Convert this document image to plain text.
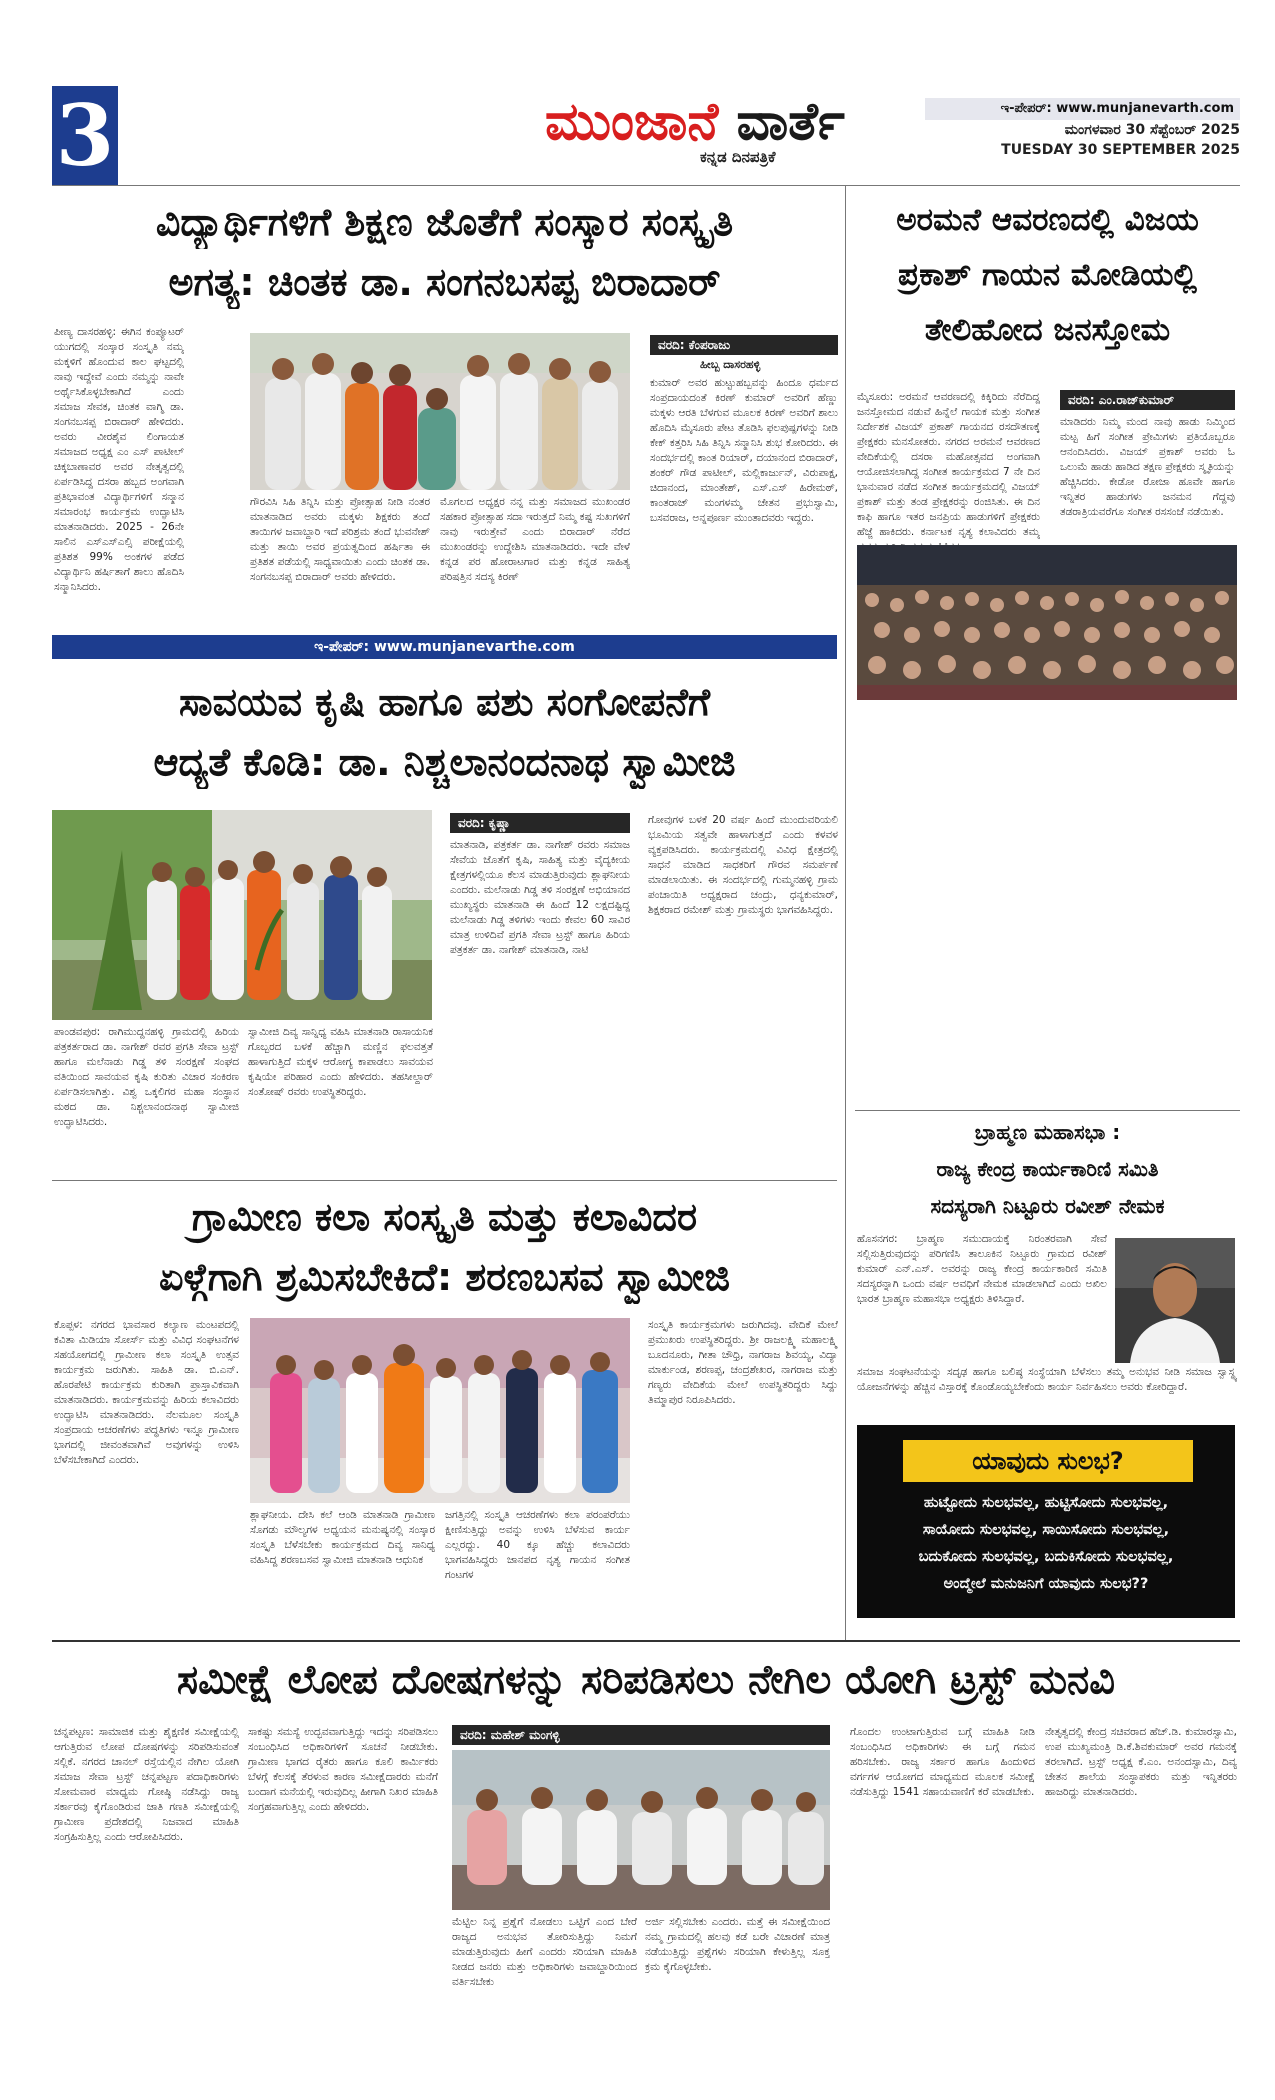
3	ಮುಂಜಾನೆ ವಾರ್ತೆ
ಕನ್ನಡ ದಿನಪತ್ರಿಕೆ
ಇ-ಪೇಪರ್: www.munjanevarth.com
ಮಂಗಳವಾರ 30 ಸೆಪ್ಟೆಂಬರ್ 2025
TUESDAY 30 SEPTEMBER 2025
ವಿದ್ಯಾರ್ಥಿಗಳಿಗೆ ಶಿಕ್ಷಣ ಜೊತೆಗೆ ಸಂಸ್ಕಾರ ಸಂಸ್ಕೃತಿ
ಅಗತ್ಯ: ಚಿಂತಕ ಡಾ. ಸಂಗನಬಸಪ್ಪ ಬಿರಾದಾರ್
ಪೀಣ್ಯ ದಾಸರಹಳ್ಳಿ: ಈಗಿನ ಕಂಪ್ಯೂಟರ್ ಯುಗದಲ್ಲಿ ಸಂಸ್ಕಾರ ಸಂಸ್ಕೃತಿ ನಮ್ಮ ಮಕ್ಕಳಿಗೆ ಹೊಂದುವ ಕಾಲ ಘಟ್ಟದಲ್ಲಿ ನಾವು ಇದ್ದೇವೆ ಎಂದು ನಮ್ಮನ್ನು ನಾವೇ ಅರ್ಥೈಸಿಕೊಳ್ಳಬೇಕಾಗಿದೆ ಎಂದು ಸಮಾಜ ಸೇವಕ, ಚಿಂತಕ ವಾಗ್ಮಿ ಡಾ. ಸಂಗನಬಸಪ್ಪ ಬಿರಾದಾರ್ ಹೇಳಿದರು. ಅವರು ವೀರಶೈವ ಲಿಂಗಾಯತ ಸಮಾಜದ ಅಧ್ಯಕ್ಷ ಎಂ ಎಸ್ ಪಾಟೀಲ್ ಚಿಕ್ಕಬಾಣಾವರ ಅವರ ನೇತೃತ್ವದಲ್ಲಿ ಏರ್ಪಡಿಸಿದ್ದ ದಸರಾ ಹಬ್ಬದ ಅಂಗವಾಗಿ ಪ್ರತಿಭಾವಂತ ವಿದ್ಯಾರ್ಥಿಗಳಿಗೆ ಸನ್ಮಾನ ಸಮಾರಂಭ ಕಾರ್ಯಕ್ರಮ ಉದ್ಘಾಟಿಸಿ ಮಾತನಾಡಿದರು. 2025 - 26ನೇ ಸಾಲಿನ ಎಸ್ಎಸ್ಎಲ್ಸಿ ಪರೀಕ್ಷೆಯಲ್ಲಿ ಪ್ರತಿಶತ 99% ಅಂಕಗಳ ಪಡೆದ ವಿದ್ಯಾರ್ಥಿನಿ ಹರ್ಷಿತಾಗೆ ಶಾಲು ಹೊದಿಸಿ ಸನ್ಮಾನಿಸಿದರು.
ಗೌರವಿಸಿ ಸಿಹಿ ತಿನ್ನಿಸಿ ಮತ್ತು ಪ್ರೋತ್ಸಾಹ ನೀಡಿ ನಂತರ ಮಾತನಾಡಿದ ಅವರು ಮಕ್ಕಳು ಶಿಕ್ಷಕರು ತಂದೆ ತಾಯಿಗಳ ಜವಾಬ್ದಾರಿ ಇದೆ ಪರಿಶ್ರಮ ತಂದೆ ಭುವನೇಶ್ ಮತ್ತು ತಾಯಿ ಅವರ ಪ್ರಯತ್ನದಿಂದ ಹರ್ಷಿತಾ ಈ ಪ್ರತಿಶತ ಪಡೆಯಲ್ಲಿ ಸಾಧ್ಯವಾಯಿತು ಎಂದು ಚಿಂತಕ ಡಾ. ಸಂಗನಬಸಪ್ಪ ಬಿರಾದಾರ್ ಅವರು ಹೇಳಿದರು.
ಮೊಗಲದ ಅಧ್ಯಕ್ಷರ ನನ್ನ ಮತ್ತು ಸಮಾಜದ ಮುಖಂಡರ ಸಹಕಾರ ಪ್ರೋತ್ಸಾಹ ಸದಾ ಇರುತ್ತದೆ ನಿಮ್ಮ ಕಷ್ಟ ಸುಖಗಳಿಗೆ ನಾವು ಇರುತ್ತೇವೆ ಎಂದು ಬಿರಾದಾರ್ ನೆರೆದ ಮುಖಂಡರನ್ನು ಉದ್ದೇಶಿಸಿ ಮಾತನಾಡಿದರು. ಇದೇ ವೇಳೆ ಕನ್ನಡ ಪರ ಹೋರಾಟಗಾರ ಮತ್ತು ಕನ್ನಡ ಸಾಹಿತ್ಯ ಪರಿಷತ್ತಿನ ಸದಸ್ಯ ಕಿರಣ್
ವರದಿ: ಕೆಂಪರಾಜು
ಹೀಬ್ಬ ದಾಸರಹಳ್ಳಿ
ಕುಮಾರ್ ಅವರ ಹುಟ್ಟುಹಬ್ಬವನ್ನು ಹಿಂದೂ ಧರ್ಮದ ಸಂಪ್ರದಾಯದಂತೆ ಕಿರಣ್ ಕುಮಾರ್ ಅವರಿಗೆ ಹೆಣ್ಣು ಮಕ್ಕಳು ಆರತಿ ಬೆಳಗುವ ಮೂಲಕ ಕಿರಣ್ ಅವರಿಗೆ ಶಾಲು ಹೊದಿಸಿ ಮೈಸೂರು ಪೇಟ ತೊಡಿಸಿ ಫಲಪುಷ್ಪಗಳನ್ನು ನೀಡಿ ಕೇಕ್ ಕತ್ತರಿಸಿ ಸಿಹಿ ತಿನ್ನಿಸಿ ಸನ್ಮಾನಿಸಿ ಶುಭ ಕೋರಿದರು. ಈ ಸಂದರ್ಭದಲ್ಲಿ ಕಾಂತ ರಿಯಾರ್, ದಯಾನಂದ ಬಿರಾದಾರ್, ಶಂಕರ್ ಗೌಡ ಪಾಟೀಲ್, ಮಲ್ಲಿಕಾರ್ಜುನ್, ವಿರುಪಾಕ್ಷ, ಚಿದಾನಂದ, ಮಾಂತೇಶ್, ಎಸ್.ಎಸ್ ಹಿರೇಮಠ್, ಕಾಂತರಾಜ್ ಮಂಗಳಮ್ಮ ಚೇತನ ಪ್ರಭುಸ್ವಾಮಿ, ಬಸವರಾಜ, ಅನ್ನಪೂರ್ಣ ಮುಂತಾದವರು ಇದ್ದರು.
ಇ-ಪೇಪರ್: www.munjanevarthe.com
ಸಾವಯವ ಕೃಷಿ ಹಾಗೂ ಪಶು ಸಂಗೋಪನೆಗೆ
ಆದ್ಯತೆ ಕೊಡಿ: ಡಾ. ನಿಶ್ಚಲಾನಂದನಾಥ ಸ್ವಾಮೀಜಿ
ಪಾಂಡವಪುರ: ರಾಗಿಮುದ್ದನಹಳ್ಳಿ ಗ್ರಾಮದಲ್ಲಿ ಹಿರಿಯ ಪತ್ರಕರ್ತರಾದ ಡಾ. ನಾಗೇಶ್ ರವರ ಪ್ರಗತಿ ಸೇವಾ ಟ್ರಸ್ಟ್ ಹಾಗೂ ಮಲೆನಾಡು ಗಿಡ್ಡ ತಳಿ ಸಂರಕ್ಷಣೆ ಸಂಘದ ವತಿಯಿಂದ ಸಾವಯವ ಕೃಷಿ ಕುರಿತು ವಿಚಾರ ಸಂಕಿರಣ ಏರ್ಪಡಿಸಲಾಗಿತ್ತು. ವಿಶ್ವ ಒಕ್ಕಲಿಗರ ಮಹಾ ಸಂಸ್ಥಾನ ಮಠದ ಡಾ. ನಿಶ್ಚಲಾನಂದನಾಥ ಸ್ವಾಮೀಜಿ ಉದ್ಘಾಟಿಸಿದರು.
ಸ್ವಾಮೀಜಿ ದಿವ್ಯ ಸಾನ್ನಿಧ್ಯ ವಹಿಸಿ ಮಾತನಾಡಿ ರಾಸಾಯನಿಕ ಗೊಬ್ಬರದ ಬಳಕೆ ಹೆಚ್ಚಾಗಿ ಮಣ್ಣಿನ ಫಲವತ್ತತೆ ಹಾಳಾಗುತ್ತಿದೆ ಮಕ್ಕಳ ಆರೋಗ್ಯ ಕಾಪಾಡಲು ಸಾವಯವ ಕೃಷಿಯೇ ಪರಿಹಾರ ಎಂದು ಹೇಳಿದರು. ತಹಸೀಲ್ದಾರ್ ಸಂತೋಷ್ ರವರು ಉಪಸ್ಥಿತರಿದ್ದರು.
ವರದಿ: ಕೃಷ್ಣಾ
ಮಾತನಾಡಿ, ಪತ್ರಕರ್ತ ಡಾ. ನಾಗೇಶ್ ರವರು ಸಮಾಜ ಸೇವೆಯ ಜೊತೆಗೆ ಕೃಷಿ, ಸಾಹಿತ್ಯ ಮತ್ತು ವೈದ್ಯಕೀಯ ಕ್ಷೇತ್ರಗಳಲ್ಲಿಯೂ ಕೆಲಸ ಮಾಡುತ್ತಿರುವುದು ಶ್ಲಾಘನೀಯ ಎಂದರು. ಮಲೆನಾಡು ಗಿಡ್ಡ ತಳಿ ಸಂರಕ್ಷಣೆ ಅಭಿಯಾನದ ಮುಖ್ಯಸ್ಥರು ಮಾತನಾಡಿ ಈ ಹಿಂದೆ 12 ಲಕ್ಷದಷ್ಟಿದ್ದ ಮಲೆನಾಡು ಗಿಡ್ಡ ತಳಿಗಳು ಇಂದು ಕೇವಲ 60 ಸಾವಿರ ಮಾತ್ರ ಉಳಿದಿವೆ ಪ್ರಗತಿ ಸೇವಾ ಟ್ರಸ್ಟ್ ಹಾಗೂ ಹಿರಿಯ ಪತ್ರಕರ್ತ ಡಾ. ನಾಗೇಶ್ ಮಾತನಾಡಿ, ನಾಟಿ
ಗೋವುಗಳ ಬಳಕೆ 20 ವರ್ಷ ಹಿಂದೆ ಮುಂದುವರಿಯಲಿ ಭೂಮಿಯ ಸತ್ವವೇ ಹಾಳಾಗುತ್ತದೆ ಎಂದು ಕಳವಳ ವ್ಯಕ್ತಪಡಿಸಿದರು. ಕಾರ್ಯಕ್ರಮದಲ್ಲಿ ವಿವಿಧ ಕ್ಷೇತ್ರದಲ್ಲಿ ಸಾಧನೆ ಮಾಡಿದ ಸಾಧಕರಿಗೆ ಗೌರವ ಸಮರ್ಪಣೆ ಮಾಡಲಾಯಿತು. ಈ ಸಂದರ್ಭದಲ್ಲಿ ಗುಮ್ಮನಹಳ್ಳಿ ಗ್ರಾಮ ಪಂಚಾಯಿತಿ ಅಧ್ಯಕ್ಷರಾದ ಚಂದ್ರು, ಧನ್ಯಕುಮಾರ್, ಶಿಕ್ಷಕರಾದ ರಮೇಶ್ ಮತ್ತು ಗ್ರಾಮಸ್ಥರು ಭಾಗವಹಿಸಿದ್ದರು.
ಗ್ರಾಮೀಣ ಕಲಾ ಸಂಸ್ಕೃತಿ ಮತ್ತು ಕಲಾವಿದರ
ಏಳ್ಗೆಗಾಗಿ ಶ್ರಮಿಸಬೇಕಿದೆ: ಶರಣಬಸವ ಸ್ವಾಮೀಜಿ
ಕೊಪ್ಪಳ: ನಗರದ ಭಾವಸಾರ ಕಲ್ಯಾಣ ಮಂಟಪದಲ್ಲಿ ಕವಿತಾ ಮಿಡಿಯಾ ಸೋರ್ಸ್ ಮತ್ತು ವಿವಿಧ ಸಂಘಟನೆಗಳ ಸಹಯೋಗದಲ್ಲಿ ಗ್ರಾಮೀಣ ಕಲಾ ಸಂಸ್ಕೃತಿ ಉತ್ಸವ ಕಾರ್ಯಕ್ರಮ ಜರುಗಿತು. ಸಾಹಿತಿ ಡಾ. ಬಿ.ಎನ್. ಹೊರಪೇಟಿ ಕಾರ್ಯಕ್ರಮ ಕುರಿತಾಗಿ ಪ್ರಾಸ್ತಾವಿಕವಾಗಿ ಮಾತನಾಡಿದರು. ಕಾರ್ಯಕ್ರಮವನ್ನು ಹಿರಿಯ ಕಲಾವಿದರು ಉದ್ಘಾಟಿಸಿ ಮಾತನಾಡಿದರು. ನೆಲಮೂಲ ಸಂಸ್ಕೃತಿ ಸಂಪ್ರದಾಯ ಆಚರಣೆಗಳು ಪದ್ಧತಿಗಳು ಇನ್ನೂ ಗ್ರಾಮೀಣ ಭಾಗದಲ್ಲಿ ಜೀವಂತವಾಗಿವೆ ಅವುಗಳನ್ನು ಉಳಿಸಿ ಬೆಳೆಸಬೇಕಾಗಿದೆ ಎಂದರು.
ಶ್ಲಾಘನೀಯ. ದೇಸಿ ಕಲೆ ಆಂಡಿ ಮಾತನಾಡಿ ಗ್ರಾಮೀಣ ಸೊಗಡು ಮೌಲ್ಯಗಳ ಅಧ್ಯಯನ ಮನುಷ್ಯನಲ್ಲಿ ಸಂಸ್ಕಾರ ಸಂಸ್ಕೃತಿ ಬೆಳೆಸಬೇಕು ಕಾರ್ಯಕ್ರಮದ ದಿವ್ಯ ಸಾನಿಧ್ಯ ವಹಿಸಿದ್ದ ಶರಣಬಸವ ಸ್ವಾಮೀಜಿ ಮಾತನಾಡಿ ಆಧುನಿಕ
ಜಗತ್ತಿನಲ್ಲಿ ಸಂಸ್ಕೃತಿ ಆಚರಣೆಗಳು ಕಲಾ ಪರಂಪರೆಯು ಕ್ಷೀಣಿಸುತ್ತಿದ್ದು ಅವನ್ನು ಉಳಿಸಿ ಬೆಳೆಸುವ ಕಾರ್ಯ ಎಲ್ಲರದ್ದು. 40 ಕ್ಕೂ ಹೆಚ್ಚು ಕಲಾವಿದರು ಭಾಗವಹಿಸಿದ್ದರು ಜಾನಪದ ನೃತ್ಯ ಗಾಯನ ಸಂಗೀತ ಗಂಟಗಳ
ಸಂಸ್ಕೃತಿ ಕಾರ್ಯಕ್ರಮಗಳು ಜರುಗಿದವು. ವೇದಿಕೆ ಮೇಲೆ ಪ್ರಮುಖರು ಉಪಸ್ಥಿತರಿದ್ದರು. ಶ್ರೀ ರಾಜಲಕ್ಷ್ಮಿ ಮಹಾಲಕ್ಷ್ಮಿ ಬೂದನೂರು, ಗೀತಾ ಚೌಧ್ರಿ, ನಾಗರಾಜ ಶಿವಯ್ಯ, ವಿದ್ಯಾ ಮಾರ್ಕುಂಡ, ಶರಣಪ್ಪ, ಚಂದ್ರಶೇಖರ, ನಾಗರಾಜ ಮತ್ತು ಗಣ್ಯರು ವೇದಿಕೆಯ ಮೇಲೆ ಉಪಸ್ಥಿತರಿದ್ದರು ಸಿದ್ದು ತಿಮ್ಮಾಪುರ ನಿರೂಪಿಸಿದರು.
ಅರಮನೆ ಆವರಣದಲ್ಲಿ ವಿಜಯ
ಪ್ರಕಾಶ್ ಗಾಯನ ಮೋಡಿಯಲ್ಲಿ
ತೇಲಿಹೋದ ಜನಸ್ತೋಮ
ಮೈಸೂರು: ಅರಮನೆ ಆವರಣದಲ್ಲಿ ಕಿಕ್ಕಿರಿದು ನೆರೆದಿದ್ದ ಜನಸ್ತೋಮದ ನಡುವೆ ಹಿನ್ನೆಲೆ ಗಾಯಕ ಮತ್ತು ಸಂಗೀತ ನಿರ್ದೇಶಕ ವಿಜಯ್ ಪ್ರಕಾಶ್ ಗಾಯನದ ರಸದೌತಣಕ್ಕೆ ಪ್ರೇಕ್ಷಕರು ಮನಸೋತರು. ನಗರದ ಅರಮನೆ ಆವರಣದ ವೇದಿಕೆಯಲ್ಲಿ ದಸರಾ ಮಹೋತ್ಸವದ ಅಂಗವಾಗಿ ಆಯೋಜಿಸಲಾಗಿದ್ದ ಸಂಗೀತ ಕಾರ್ಯಕ್ರಮದ 7 ನೇ ದಿನ ಭಾನುವಾರ ನಡೆದ ಸಂಗೀತ ಕಾರ್ಯಕ್ರಮದಲ್ಲಿ ವಿಜಯ್ ಪ್ರಕಾಶ್ ಮತ್ತು ತಂಡ ಪ್ರೇಕ್ಷಕರನ್ನು ರಂಜಿಸಿತು. ಈ ದಿನ ಕಾಫಿ ಹಾಗೂ ಇತರ ಜನಪ್ರಿಯ ಹಾಡುಗಳಿಗೆ ಪ್ರೇಕ್ಷಕರು ಹೆಜ್ಜೆ ಹಾಕಿದರು. ಕರ್ನಾಟಕ ನೃತ್ಯ ಕಲಾವಿದರು ತಮ್ಮ
ವರದಿ: ಎಂ.ರಾಜ್‌ಕುಮಾರ್
ಮಾಡಿದರು ನಿಮ್ಮ ಮಂದ ನಾವು ಹಾಡು ನಿಮ್ಮಿಂದ ಮಟ್ಟ ಹಿಗೆ ಸಂಗೀತ ಪ್ರೇಮಿಗಳು ಪ್ರತಿಯೊಬ್ಬರೂ ಆನಂದಿಸಿದರು. ವಿಜಯ್ ಪ್ರಕಾಶ್ ಅವರು ಓ ಒಲುಮೆ ಹಾಡು ಹಾಡಿದ ತಕ್ಷಣ ಪ್ರೇಕ್ಷಕರು ಸ್ಮೃತಿಯನ್ನು ಹೆಚ್ಚಿಸಿದರು. ಕೇಡೋ ರೋಜಾ ಹೂವೇ ಹಾಗೂ ಇನ್ನಿತರ ಹಾಡುಗಳು ಜನಮನ ಗೆದ್ದವು ತಡರಾತ್ರಿಯವರೆಗೂ ಸಂಗೀತ ರಸಸಂಜೆ ನಡೆಯಿತು.
ಬ್ರಾಹ್ಮಣ ಮಹಾಸಭಾ :
ರಾಜ್ಯ ಕೇಂದ್ರ ಕಾರ್ಯಕಾರಿಣಿ ಸಮಿತಿ
ಸದಸ್ಯರಾಗಿ ನಿಟ್ಟೂರು ರವೀಶ್ ನೇಮಕ
ಹೊಸನಗರ: ಬ್ರಾಹ್ಮಣ ಸಮುದಾಯಕ್ಕೆ ನಿರಂತರವಾಗಿ ಸೇವೆ ಸಲ್ಲಿಸುತ್ತಿರುವುದನ್ನು ಪರಿಗಣಿಸಿ ತಾಲೂಕಿನ ನಿಟ್ಟೂರು ಗ್ರಾಮದ ರವೀಶ್ ಕುಮಾರ್ ಎನ್.ಎಸ್. ಅವರನ್ನು ರಾಜ್ಯ ಕೇಂದ್ರ ಕಾರ್ಯಕಾರಿಣಿ ಸಮಿತಿ ಸದಸ್ಯರನ್ನಾಗಿ ಒಂದು ವರ್ಷ ಅವಧಿಗೆ ನೇಮಕ ಮಾಡಲಾಗಿದೆ ಎಂದು ಅಖಿಲ ಭಾರತ ಬ್ರಾಹ್ಮಣ ಮಹಾಸಭಾ ಅಧ್ಯಕ್ಷರು ತಿಳಿಸಿದ್ದಾರೆ.
ಸಮಾಜ ಸಂಘಟನೆಯನ್ನು ಸದೃಢ ಹಾಗೂ ಬಲಿಷ್ಠ ಸಂಸ್ಥೆಯಾಗಿ ಬೆಳೆಸಲು ತಮ್ಮ ಅನುಭವ ನೀಡಿ ಸಮಾಜ ಸ್ವಾಸ್ಥ್ಯ ಯೋಜನೆಗಳನ್ನು ಹೆಚ್ಚಿನ ವಿಸ್ತಾರಕ್ಕೆ ಕೊಂಡೊಯ್ಯಬೇಕೆಂದು ಕಾರ್ಯ ನಿರ್ವಹಿಸಲು ಅವರು ಕೋರಿದ್ದಾರೆ.
ಯಾವುದು ಸುಲಭ?
ಹುಟ್ಟೋದು ಸುಲಭವಲ್ಲ, ಹುಟ್ಟಿಸೋದು ಸುಲಭವಲ್ಲ,
ಸಾಯೋದು ಸುಲಭವಲ್ಲ, ಸಾಯಿಸೋದು ಸುಲಭವಲ್ಲ,
ಬದುಕೋದು ಸುಲಭವಲ್ಲ, ಬದುಕಿಸೋದು ಸುಲಭವಲ್ಲ,
ಅಂದ್ಮೇಲೆ ಮನುಜನಿಗೆ ಯಾವುದು ಸುಲಭ??
ಸಮೀಕ್ಷೆ ಲೋಪ ದೋಷಗಳನ್ನು ಸರಿಪಡಿಸಲು ನೇಗಿಲ ಯೋಗಿ ಟ್ರಸ್ಟ್ ಮನವಿ
ಚನ್ನಪಟ್ಟಣ: ಸಾಮಾಜಿಕ ಮತ್ತು ಶೈಕ್ಷಣಿಕ ಸಮೀಕ್ಷೆಯಲ್ಲಿ ಆಗುತ್ತಿರುವ ಲೋಪ ದೋಷಗಳನ್ನು ಸರಿಪಡಿಸುವಂತೆ ಸಲ್ಲಿಕೆ. ನಗರದ ಚಾನಲ್ ರಸ್ತೆಯಲ್ಲಿನ ನೇಗಿಲ ಯೋಗಿ ಸಮಾಜ ಸೇವಾ ಟ್ರಸ್ಟ್ ಚನ್ನಪಟ್ಟಣ ಪದಾಧಿಕಾರಿಗಳು ಸೋಮವಾರ ಮಾಧ್ಯಮ ಗೋಷ್ಠಿ ನಡೆಸಿದ್ದು ರಾಜ್ಯ ಸರ್ಕಾರವು ಕೈಗೊಂಡಿರುವ ಜಾತಿ ಗಣತಿ ಸಮೀಕ್ಷೆಯಲ್ಲಿ ಗ್ರಾಮೀಣ ಪ್ರದೇಶದಲ್ಲಿ ನಿಜವಾದ ಮಾಹಿತಿ ಸಂಗ್ರಹಿಸುತ್ತಿಲ್ಲ ಎಂದು ಆರೋಪಿಸಿದರು.
ಸಾಕಷ್ಟು ಸಮಸ್ಯೆ ಉದ್ಭವವಾಗುತ್ತಿದ್ದು ಇದನ್ನು ಸರಿಪಡಿಸಲು ಸಂಬಂಧಿಸಿದ ಅಧಿಕಾರಿಗಳಿಗೆ ಸೂಚನೆ ನೀಡಬೇಕು. ಗ್ರಾಮೀಣ ಭಾಗದ ರೈತರು ಹಾಗೂ ಕೂಲಿ ಕಾರ್ಮಿಕರು ಬೆಳಗ್ಗೆ ಕೆಲಸಕ್ಕೆ ತೆರಳುವ ಕಾರಣ ಸಮೀಕ್ಷೆದಾರರು ಮನೆಗೆ ಬಂದಾಗ ಮನೆಯಲ್ಲಿ ಇರುವುದಿಲ್ಲ ಹೀಗಾಗಿ ನಿಖರ ಮಾಹಿತಿ ಸಂಗ್ರಹವಾಗುತ್ತಿಲ್ಲ ಎಂದು ಹೇಳಿದರು.
ವರದಿ: ಮಹೇಶ್ ಮಂಗಳ್ಳಿ
ಮೆಟ್ಟಿಲ ನಿನ್ನ ಪ್ರಶ್ನೆಗೆ ನೋಡಲು ಒಟ್ಟಿಗೆ ಎಂದ ಬೇರೆ ರಾಜ್ಯದ ಅನುಭವ ತೋರಿಸುತ್ತಿದ್ದು ನಿಮಗೆ ಮಾಡುತ್ತಿರುವುದು ಹೀಗೆ ಎಂದರು ಸರಿಯಾಗಿ ಮಾಹಿತಿ ನೀಡದ ಜನರು ಮತ್ತು ಅಧಿಕಾರಿಗಳು ಜವಾಬ್ದಾರಿಯಿಂದ ವರ್ತಿಸಬೇಕು
ಅರ್ಜಿ ಸಲ್ಲಿಸಬೇಕು ಎಂದರು. ಮತ್ತೆ ಈ ಸಮೀಕ್ಷೆಯಿಂದ ನಮ್ಮ ಗ್ರಾಮದಲ್ಲಿ ಹಲವು ಕಡೆ ಬರೇ ವಿಚಾರಣೆ ಮಾತ್ರ ನಡೆಯುತ್ತಿದ್ದು ಪ್ರಶ್ನೆಗಳು ಸರಿಯಾಗಿ ಕೇಳುತ್ತಿಲ್ಲ ಸೂಕ್ತ ಕ್ರಮ ಕೈಗೊಳ್ಳಬೇಕು.
ಗೊಂದಲ ಉಂಟಾಗುತ್ತಿರುವ ಬಗ್ಗೆ ಮಾಹಿತಿ ನೀಡಿ ಸಂಬಂಧಿಸಿದ ಅಧಿಕಾರಿಗಳು ಈ ಬಗ್ಗೆ ಗಮನ ಹರಿಸಬೇಕು. ರಾಜ್ಯ ಸರ್ಕಾರ ಹಾಗೂ ಹಿಂದುಳಿದ ವರ್ಗಗಳ ಆಯೋಗದ ಮಾಧ್ಯಮದ ಮೂಲಕ ಸಮೀಕ್ಷೆ ನಡೆಸುತ್ತಿದ್ದು 1541 ಸಹಾಯವಾಣಿಗೆ ಕರೆ ಮಾಡಬೇಕು.
ನೇತೃತ್ವದಲ್ಲಿ ಕೇಂದ್ರ ಸಚಿವರಾದ ಹೆಚ್.ಡಿ. ಕುಮಾರಸ್ವಾಮಿ, ಉಪ ಮುಖ್ಯಮಂತ್ರಿ ಡಿ.ಕೆ.ಶಿವಕುಮಾರ್ ಅವರ ಗಮನಕ್ಕೆ ತರಲಾಗಿದೆ. ಟ್ರಸ್ಟ್ ಅಧ್ಯಕ್ಷ ಕೆ.ಎಂ. ಅನಂದಸ್ವಾಮಿ, ದಿವ್ಯ ಚೇತನ ಶಾಲೆಯ ಸಂಸ್ಥಾಪಕರು ಮತ್ತು ಇನ್ನಿತರರು ಹಾಜರಿದ್ದು ಮಾತನಾಡಿದರು.
